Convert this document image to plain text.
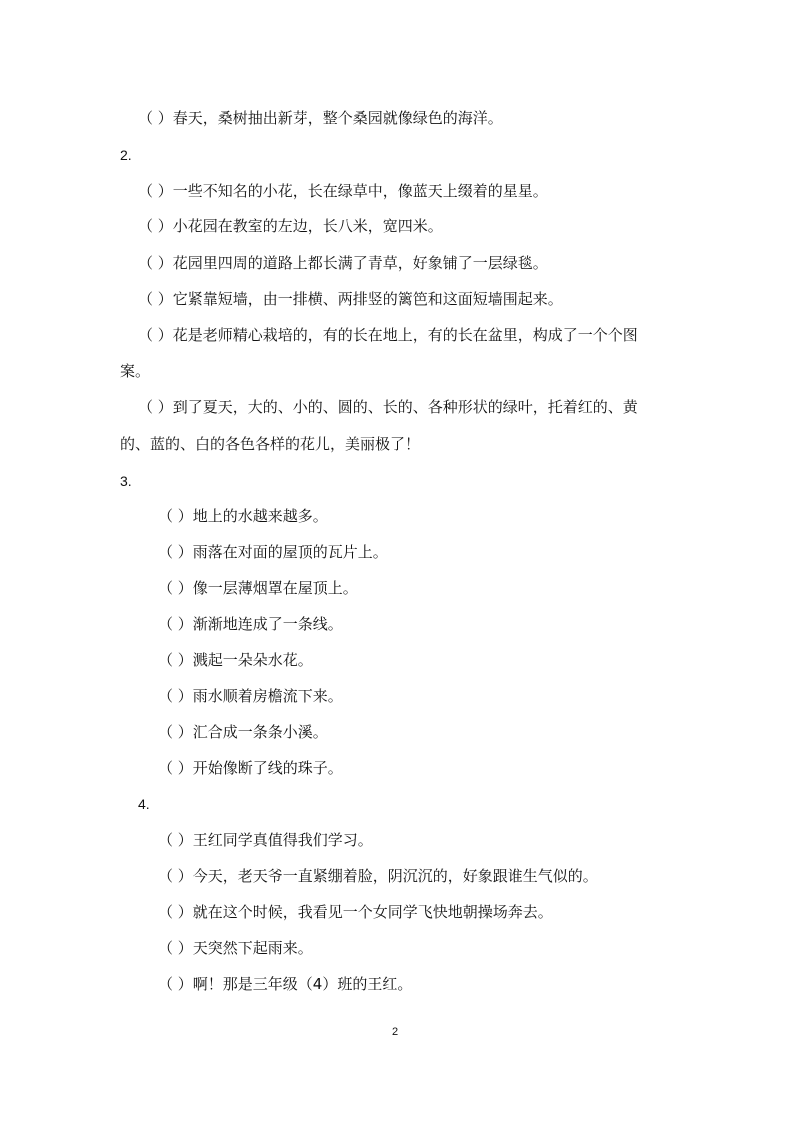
（ ）春天，桑树抽出新芽，整个桑园就像绿色的海洋。
2.
（ ）一些不知名的小花，长在绿草中，像蓝天上缀着的星星。
（ ）小花园在教室的左边，长八米，宽四米。
（ ）花园里四周的道路上都长满了青草，好象铺了一层绿毯。
（ ）它紧靠短墙，由一排横、两排竖的篱笆和这面短墙围起来。
（ ）花是老师精心栽培的，有的长在地上，有的长在盆里，构成了一个个图
案。
（ ）到了夏天，大的、小的、圆的、长的、各种形状的绿叶，托着红的、黄
的、蓝的、白的各色各样的花儿，美丽极了！
3.
（ ）地上的水越来越多。
（ ）雨落在对面的屋顶的瓦片上。
（ ）像一层薄烟罩在屋顶上。
（ ）渐渐地连成了一条线。
（ ）溅起一朵朵水花。
（ ）雨水顺着房檐流下来。
（ ）汇合成一条条小溪。
（ ）开始像断了线的珠子。
4.
（ ）王红同学真值得我们学习。
（ ）今天，老天爷一直紧绷着脸，阴沉沉的，好象跟谁生气似的。
（ ）就在这个时候，我看见一个女同学飞快地朝操场奔去。
（ ）天突然下起雨来。
（ ）啊！那是三年级（4）班的王红。
2
